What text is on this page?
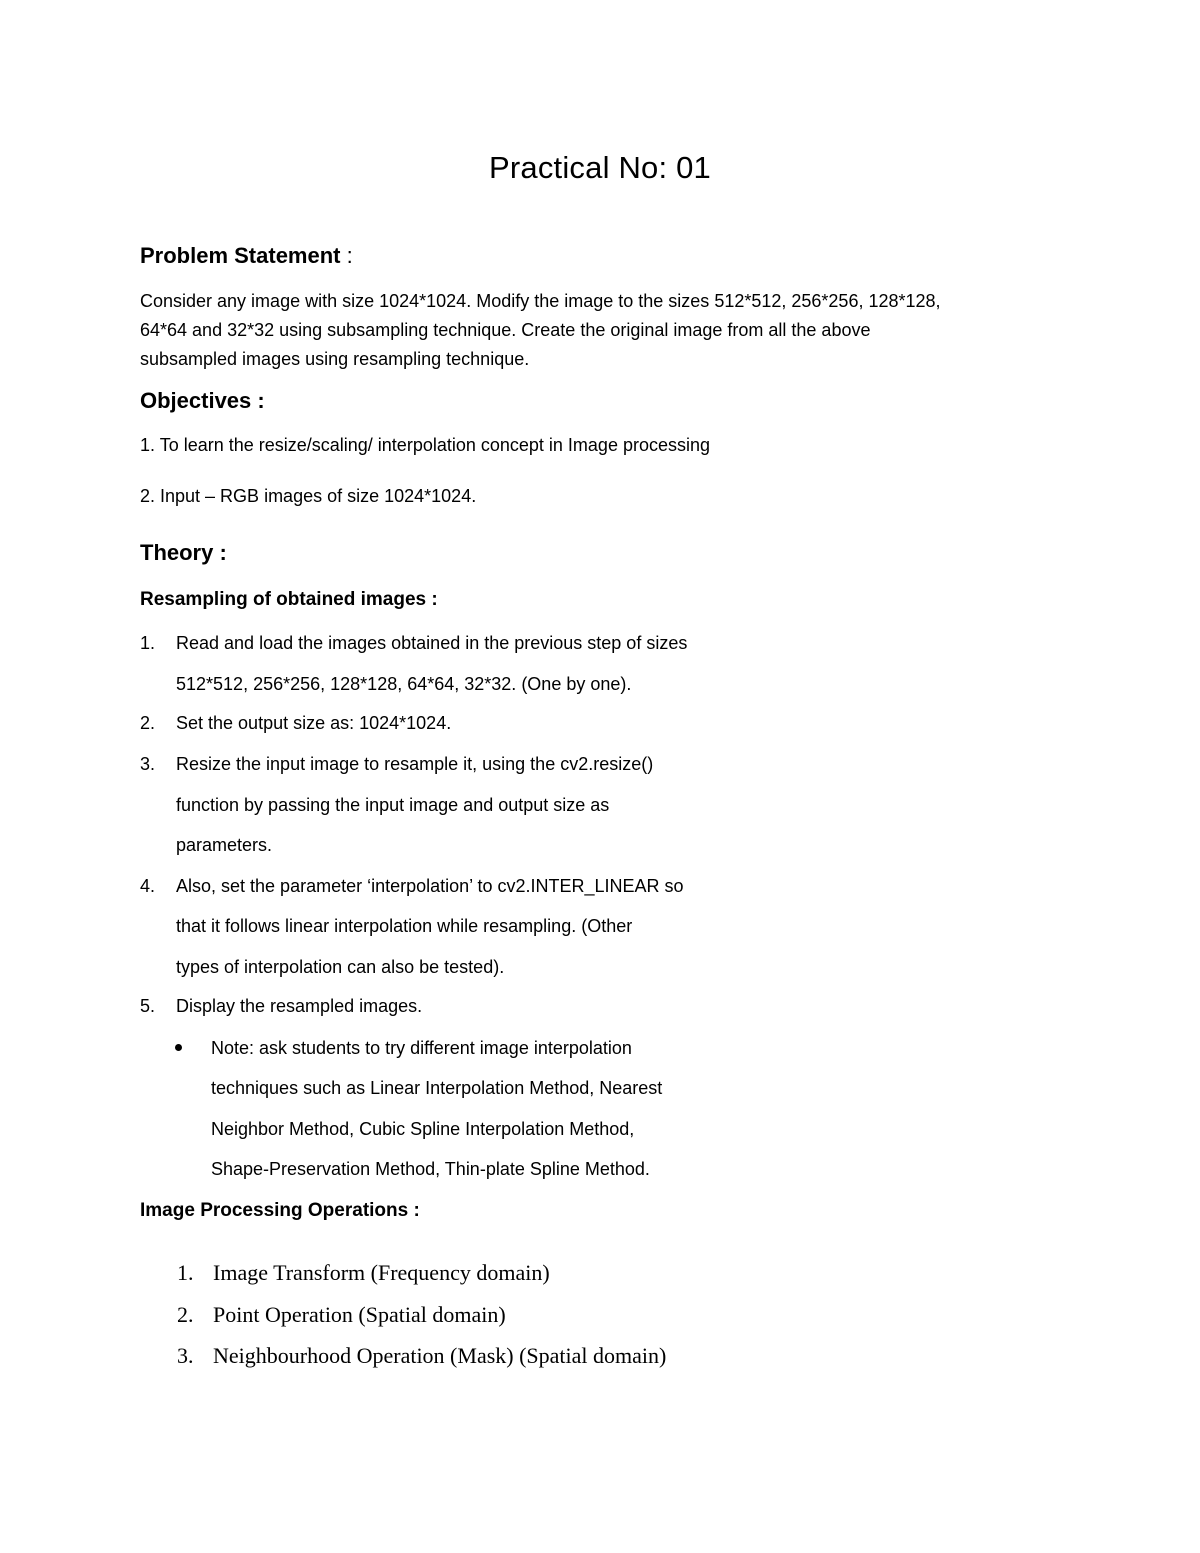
Practical No: 01
Problem Statement :
Consider any image with size 1024*1024. Modify the image to the sizes 512*512, 256*256, 128*128,
64*64 and 32*32 using subsampling technique. Create the original image from all the above
subsampled images using resampling technique.
Objectives :
1. To learn the resize/scaling/ interpolation concept in Image processing
2. Input – RGB images of size 1024*1024.
Theory :
Resampling of obtained images :
1. Read and load the images obtained in the previous step of sizes
512*512, 256*256, 128*128, 64*64, 32*32. (One by one).
2. Set the output size as: 1024*1024.
3. Resize the input image to resample it, using the cv2.resize()
function by passing the input image and output size as
parameters.
4. Also, set the parameter ‘interpolation’ to cv2.INTER_LINEAR so
that it follows linear interpolation while resampling. (Other
types of interpolation can also be tested).
5. Display the resampled images.
Note: ask students to try different image interpolation
techniques such as Linear Interpolation Method, Nearest
Neighbor Method, Cubic Spline Interpolation Method,
Shape-Preservation Method, Thin-plate Spline Method.
Image Processing Operations :
1. Image Transform (Frequency domain)
2. Point Operation (Spatial domain)
3. Neighbourhood Operation (Mask) (Spatial domain)
